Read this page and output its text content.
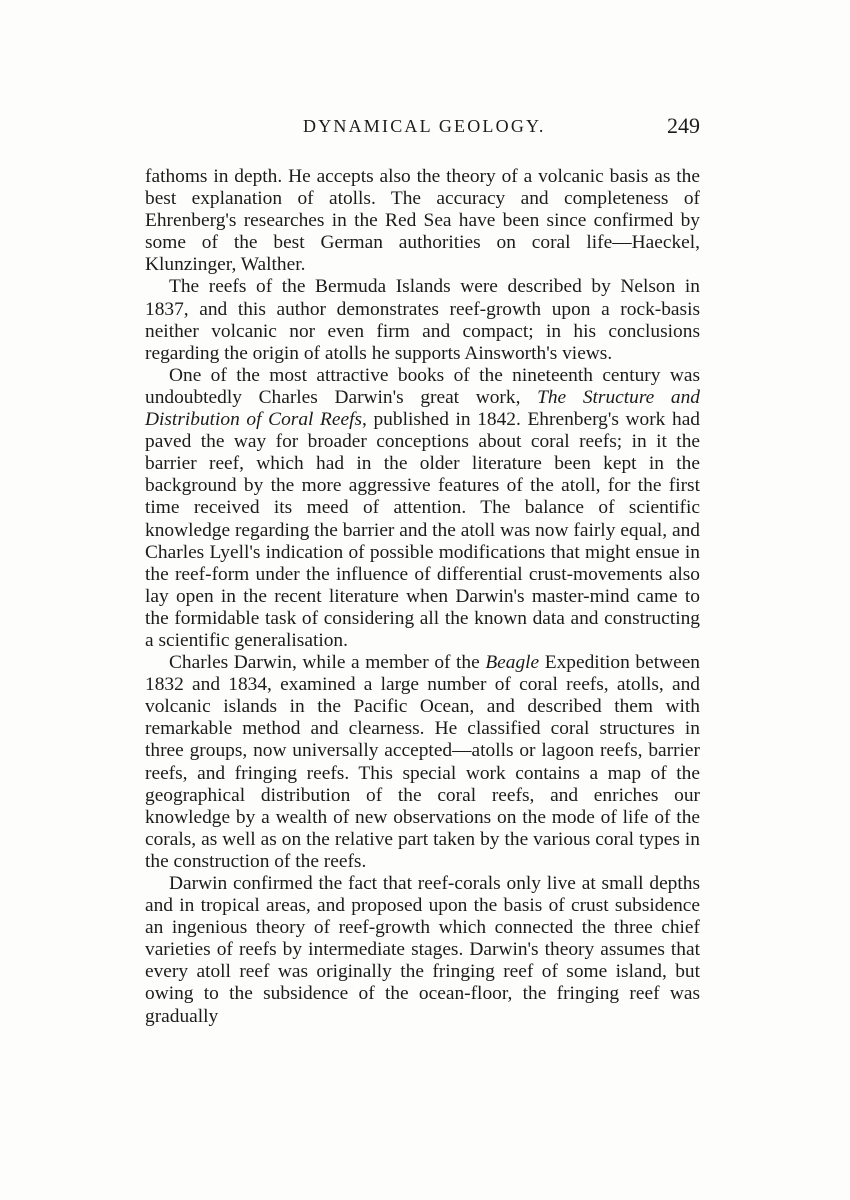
DYNAMICAL GEOLOGY.	249

fathoms in depth. He accepts also the theory of a volcanic basis as the best explanation of atolls. The accuracy and completeness of Ehrenberg's researches in the Red Sea have been since confirmed by some of the best German authorities on coral life—Haeckel, Klunzinger, Walther.

The reefs of the Bermuda Islands were described by Nelson in 1837, and this author demonstrates reef-growth upon a rock-basis neither volcanic nor even firm and compact; in his conclusions regarding the origin of atolls he supports Ainsworth's views.

One of the most attractive books of the nineteenth century was undoubtedly Charles Darwin's great work, The Structure and Distribution of Coral Reefs, published in 1842. Ehrenberg's work had paved the way for broader conceptions about coral reefs; in it the barrier reef, which had in the older literature been kept in the background by the more aggressive features of the atoll, for the first time received its meed of attention. The balance of scientific knowledge regarding the barrier and the atoll was now fairly equal, and Charles Lyell's indication of possible modifications that might ensue in the reef-form under the influence of differential crust-movements also lay open in the recent literature when Darwin's master-mind came to the formidable task of considering all the known data and constructing a scientific generalisation.

Charles Darwin, while a member of the Beagle Expedition between 1832 and 1834, examined a large number of coral reefs, atolls, and volcanic islands in the Pacific Ocean, and described them with remarkable method and clearness. He classified coral structures in three groups, now universally accepted—atolls or lagoon reefs, barrier reefs, and fringing reefs. This special work contains a map of the geographical distribution of the coral reefs, and enriches our knowledge by a wealth of new observations on the mode of life of the corals, as well as on the relative part taken by the various coral types in the construction of the reefs.

Darwin confirmed the fact that reef-corals only live at small depths and in tropical areas, and proposed upon the basis of crust subsidence an ingenious theory of reef-growth which connected the three chief varieties of reefs by intermediate stages. Darwin's theory assumes that every atoll reef was originally the fringing reef of some island, but owing to the subsidence of the ocean-floor, the fringing reef was gradually
